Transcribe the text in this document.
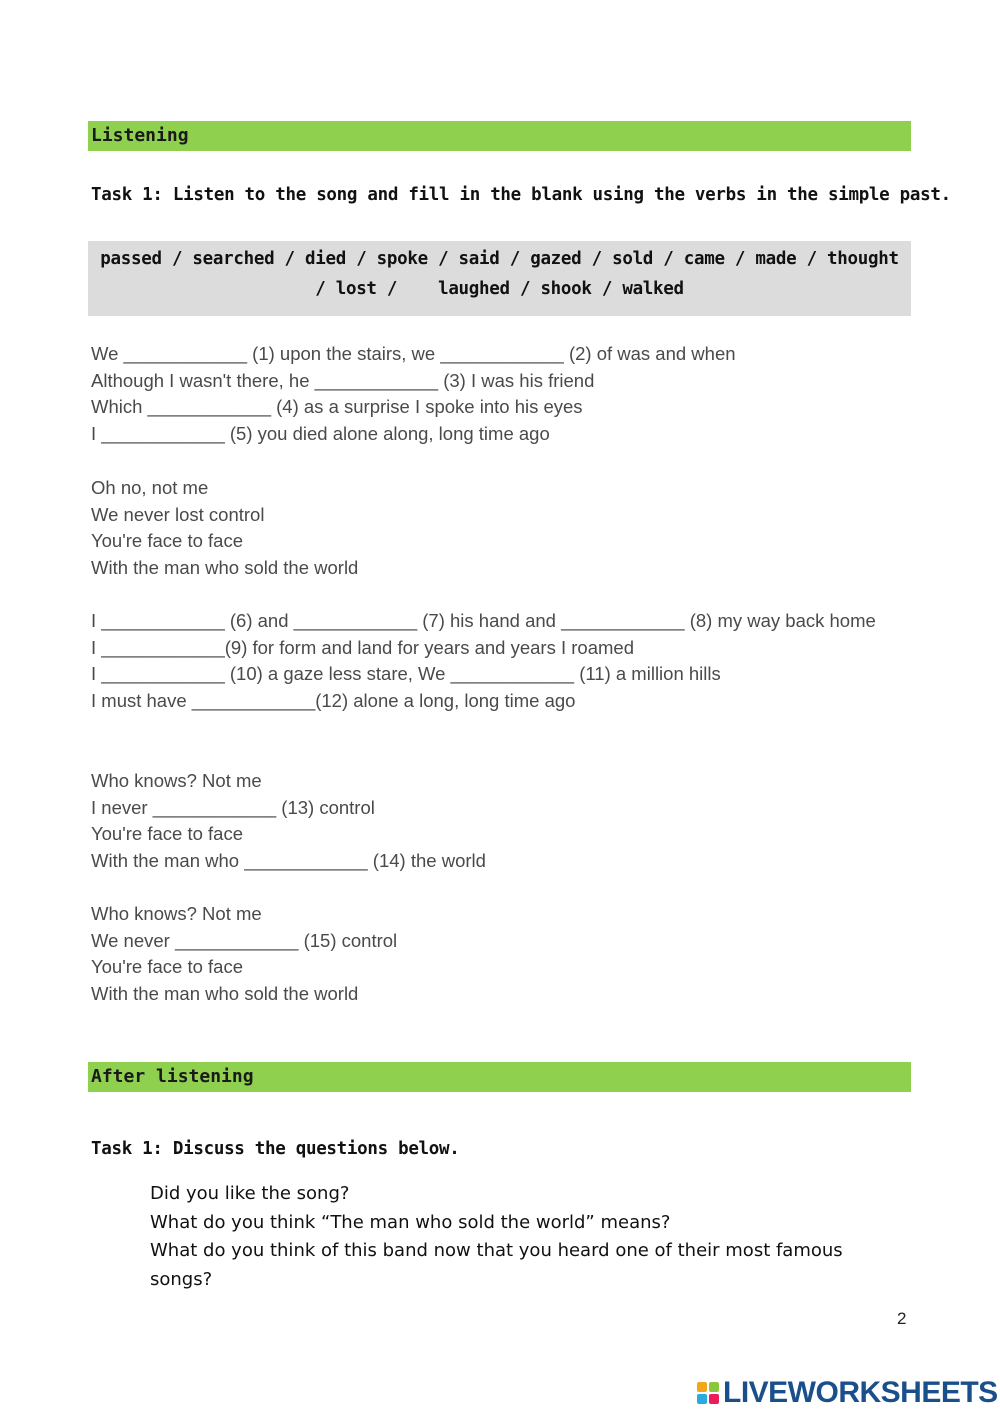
Listening
Task 1: Listen to the song and fill in the blank using the verbs in the simple past.
passed / searched / died / spoke / said / gazed / sold / came / made / thought
/ lost /    laughed / shook / walked
We ____________ (1) upon the stairs, we ____________ (2) of was and when
Although I wasn't there, he ____________ (3) I was his friend
Which ____________ (4) as a surprise I spoke into his eyes
I ____________ (5) you died alone along, long time ago
Oh no, not me
We never lost control
You're face to face
With the man who sold the world
I ____________ (6) and ____________ (7) his hand and ____________ (8) my way back home
I ____________(9) for form and land for years and years I roamed
I ____________ (10) a gaze less stare, We ____________ (11) a million hills
I must have ____________(12) alone a long, long time ago
Who knows? Not me
I never ____________ (13) control
You're face to face
With the man who ____________ (14) the world
Who knows? Not me
We never ____________ (15) control
You're face to face
With the man who sold the world
After listening
Task 1: Discuss the questions below.
Did you like the song?
What do you think “The man who sold the world” means?
What do you think of this band now that you heard one of their most famous songs?
2
LIVEWORKSHEETS
